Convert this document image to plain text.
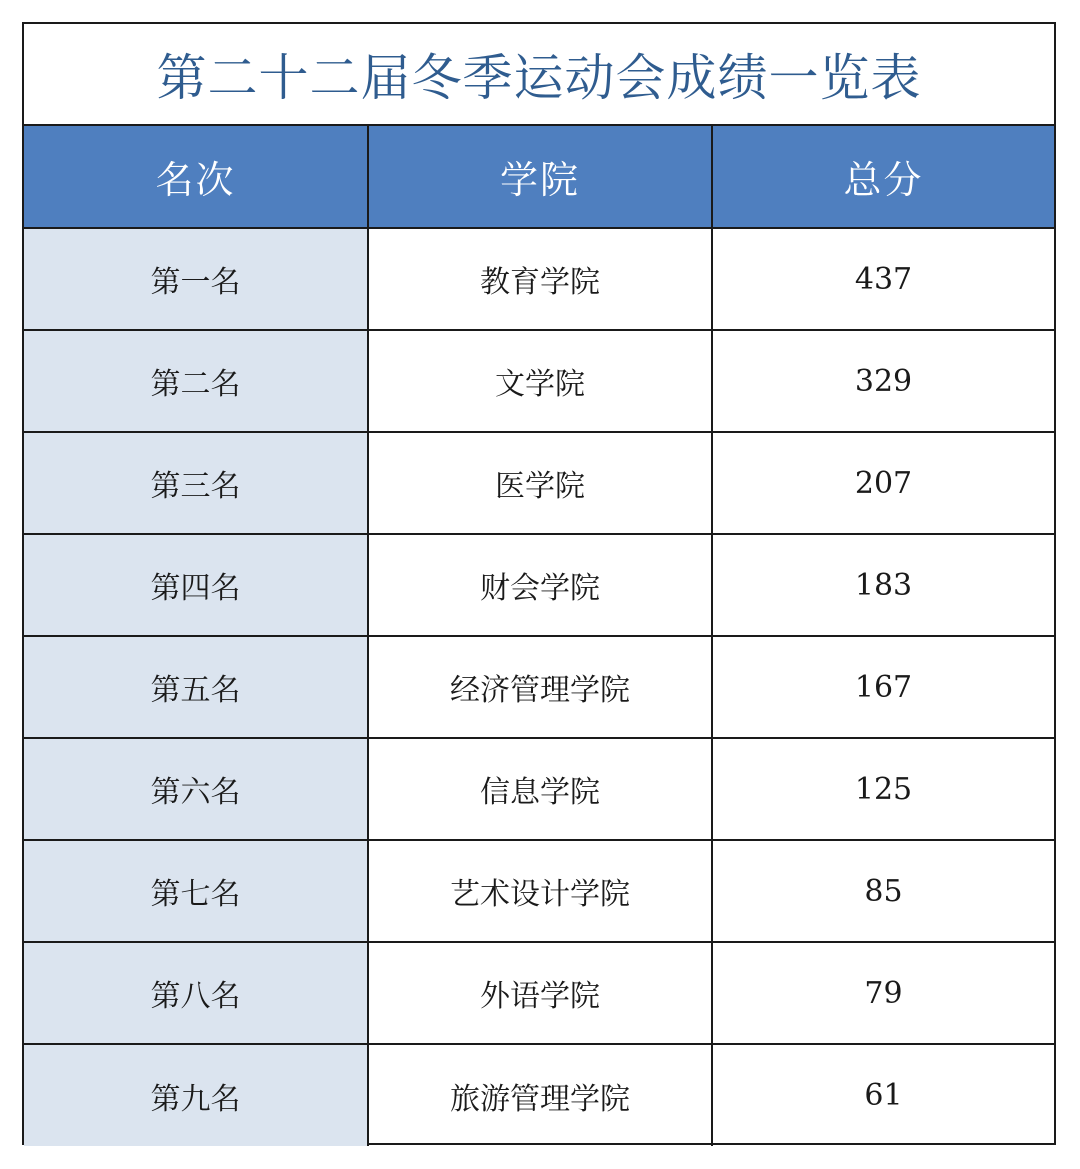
第二十二届冬季运动会成绩一览表
名次	学院	总分
第一名	教育学院	437
第二名	文学院	329
第三名	医学院	207
第四名	财会学院	183
第五名	经济管理学院	167
第六名	信息学院	125
第七名	艺术设计学院	85
第八名	外语学院	79
第九名	旅游管理学院	61
